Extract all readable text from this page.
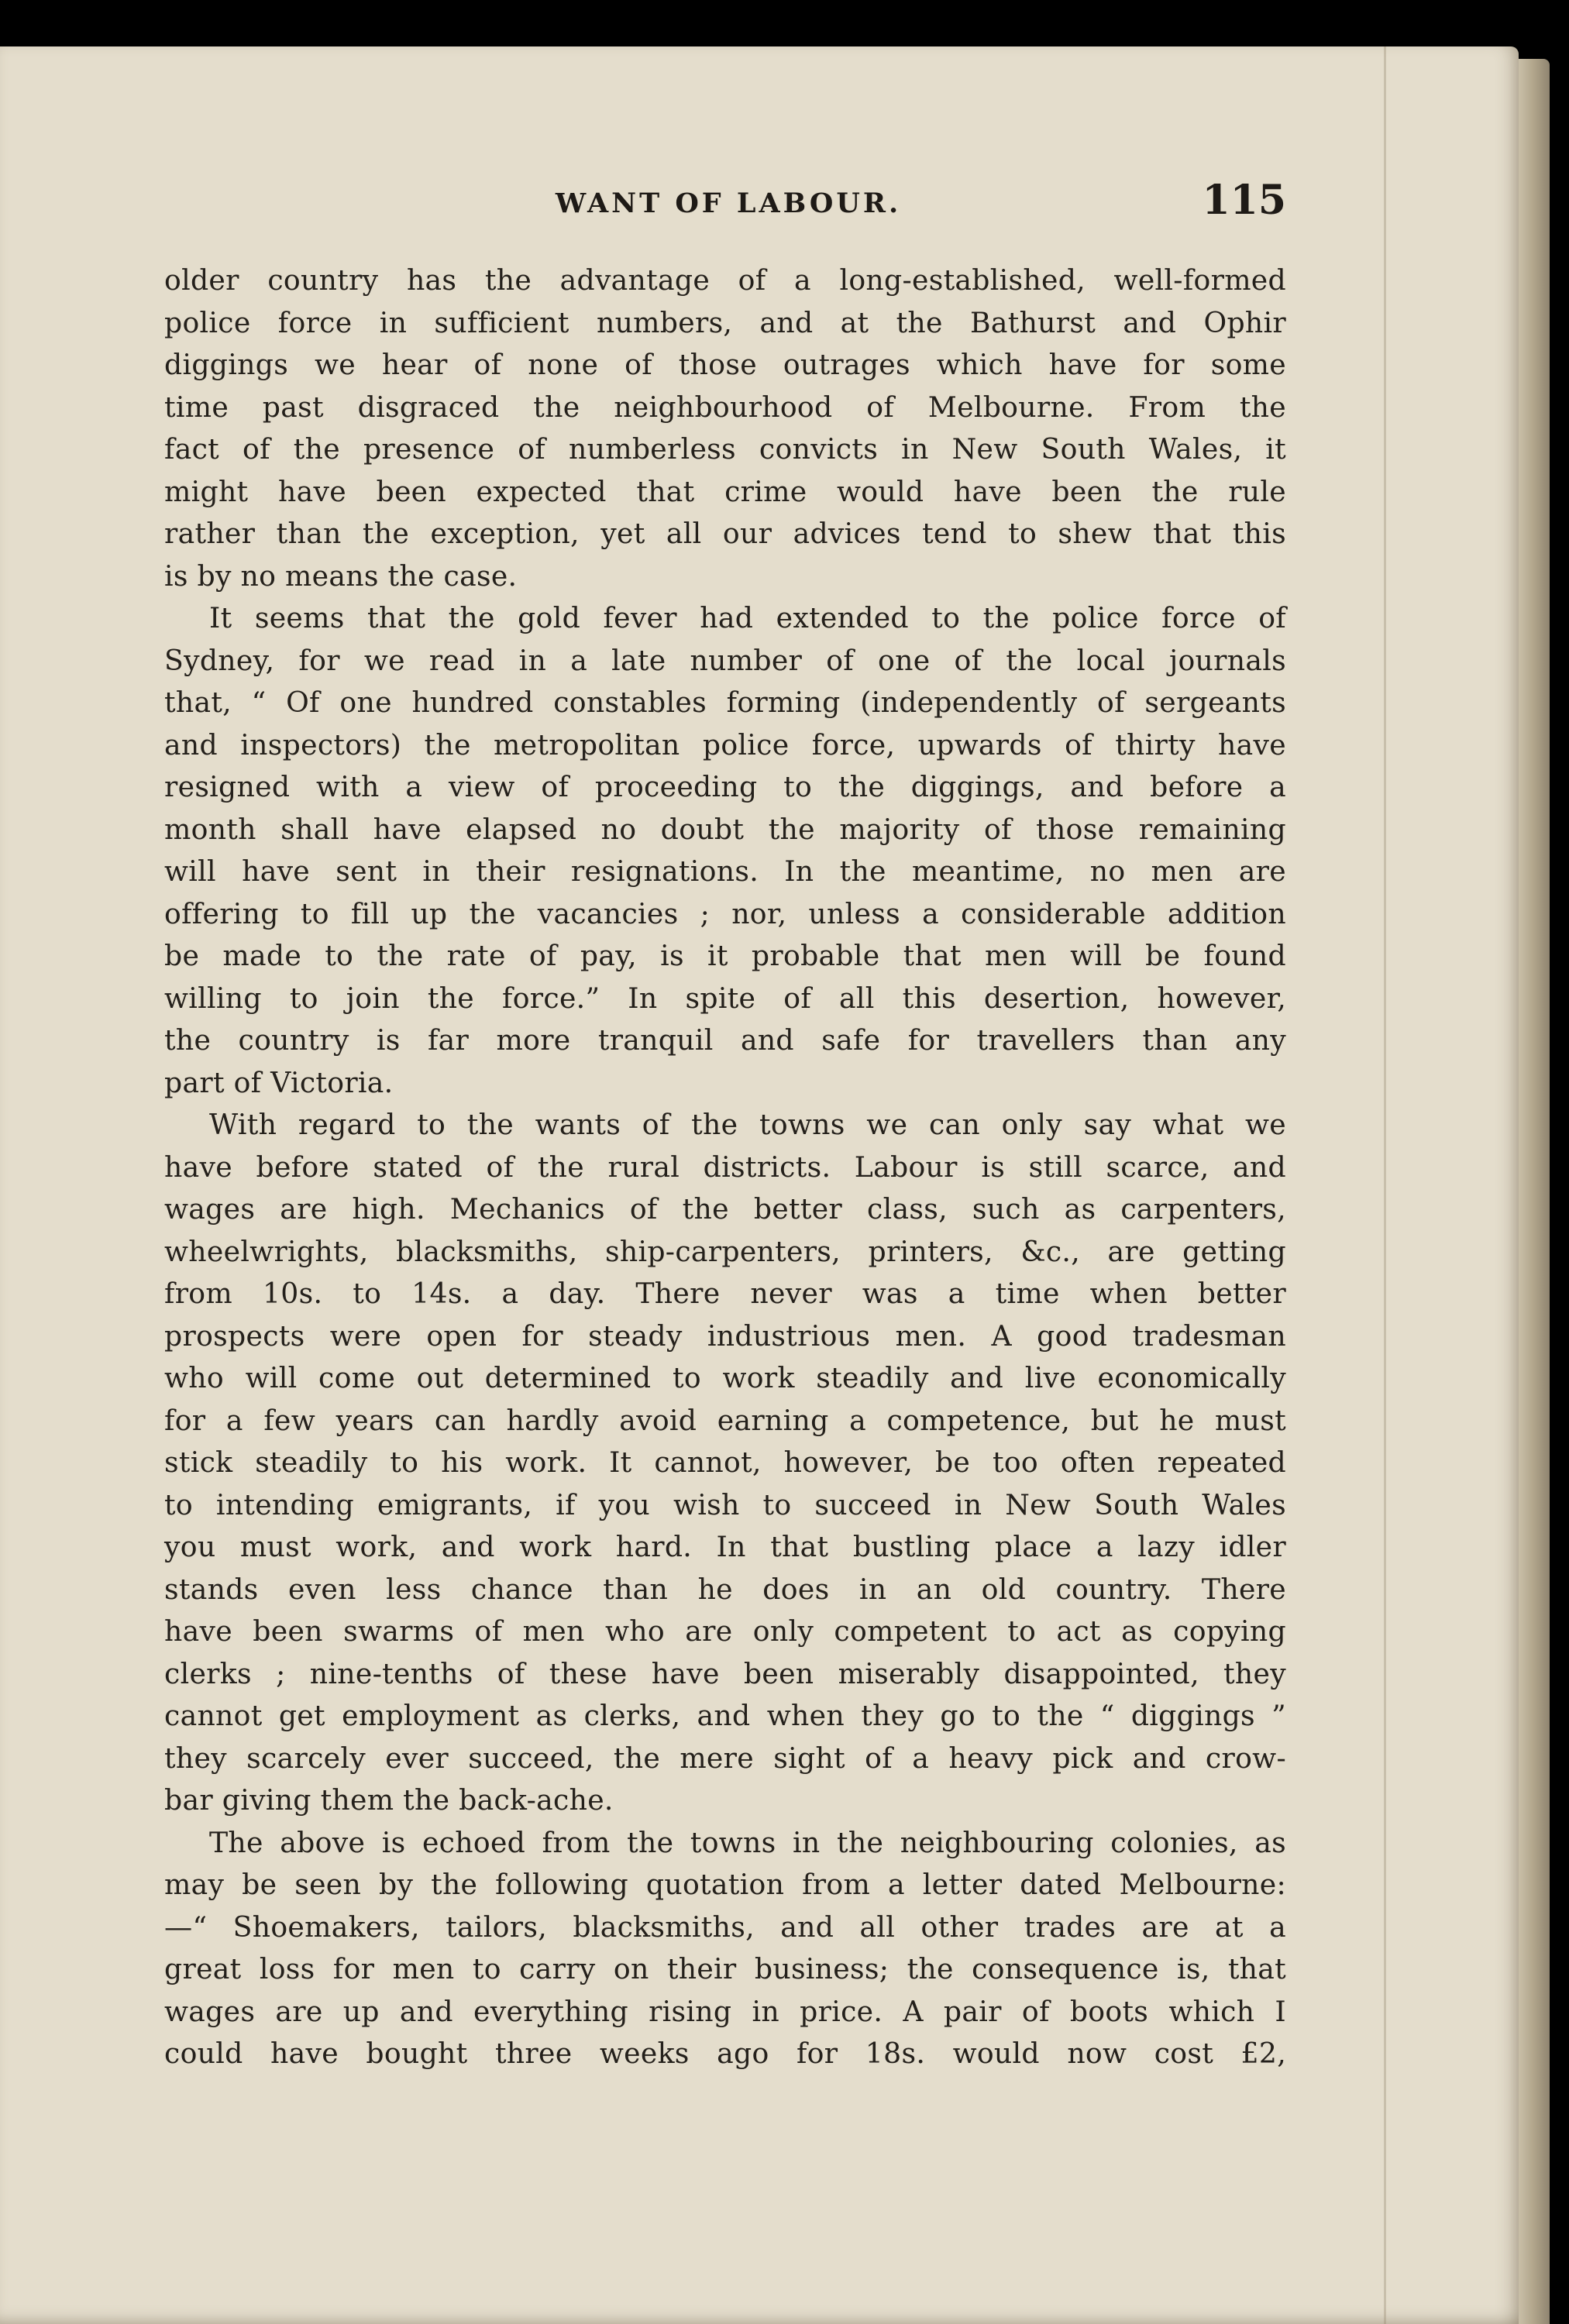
WANT OF LABOUR.	115
older country has the advantage of a long-established, well-formed
police force in sufficient numbers, and at the Bathurst and Ophir
diggings we hear of none of those outrages which have for some
time past disgraced the neighbourhood of Melbourne. From the
fact of the presence of numberless convicts in New South Wales, it
might have been expected that crime would have been the rule
rather than the exception, yet all our advices tend to shew that this
is by no means the case.
It seems that the gold fever had extended to the police force of
Sydney, for we read in a late number of one of the local journals
that, “ Of one hundred constables forming (independently of sergeants
and inspectors) the metropolitan police force, upwards of thirty have
resigned with a view of proceeding to the diggings, and before a
month shall have elapsed no doubt the majority of those remaining
will have sent in their resignations. In the meantime, no men are
offering to fill up the vacancies ; nor, unless a considerable addition
be made to the rate of pay, is it probable that men will be found
willing to join the force.” In spite of all this desertion, however,
the country is far more tranquil and safe for travellers than any
part of Victoria.
With regard to the wants of the towns we can only say what we
have before stated of the rural districts. Labour is still scarce, and
wages are high. Mechanics of the better class, such as carpenters,
wheelwrights, blacksmiths, ship-carpenters, printers, &c., are getting
from 10s. to 14s. a day. There never was a time when better
prospects were open for steady industrious men. A good tradesman
who will come out determined to work steadily and live economically
for a few years can hardly avoid earning a competence, but he must
stick steadily to his work. It cannot, however, be too often repeated
to intending emigrants, if you wish to succeed in New South Wales
you must work, and work hard. In that bustling place a lazy idler
stands even less chance than he does in an old country. There
have been swarms of men who are only competent to act as copying
clerks ; nine-tenths of these have been miserably disappointed, they
cannot get employment as clerks, and when they go to the “ diggings ”
they scarcely ever succeed, the mere sight of a heavy pick and crow-
bar giving them the back-ache.
The above is echoed from the towns in the neighbouring colonies, as
may be seen by the following quotation from a letter dated Melbourne:
—“ Shoemakers, tailors, blacksmiths, and all other trades are at a
great loss for men to carry on their business; the consequence is, that
wages are up and everything rising in price. A pair of boots which I
could have bought three weeks ago for 18s. would now cost £2,
